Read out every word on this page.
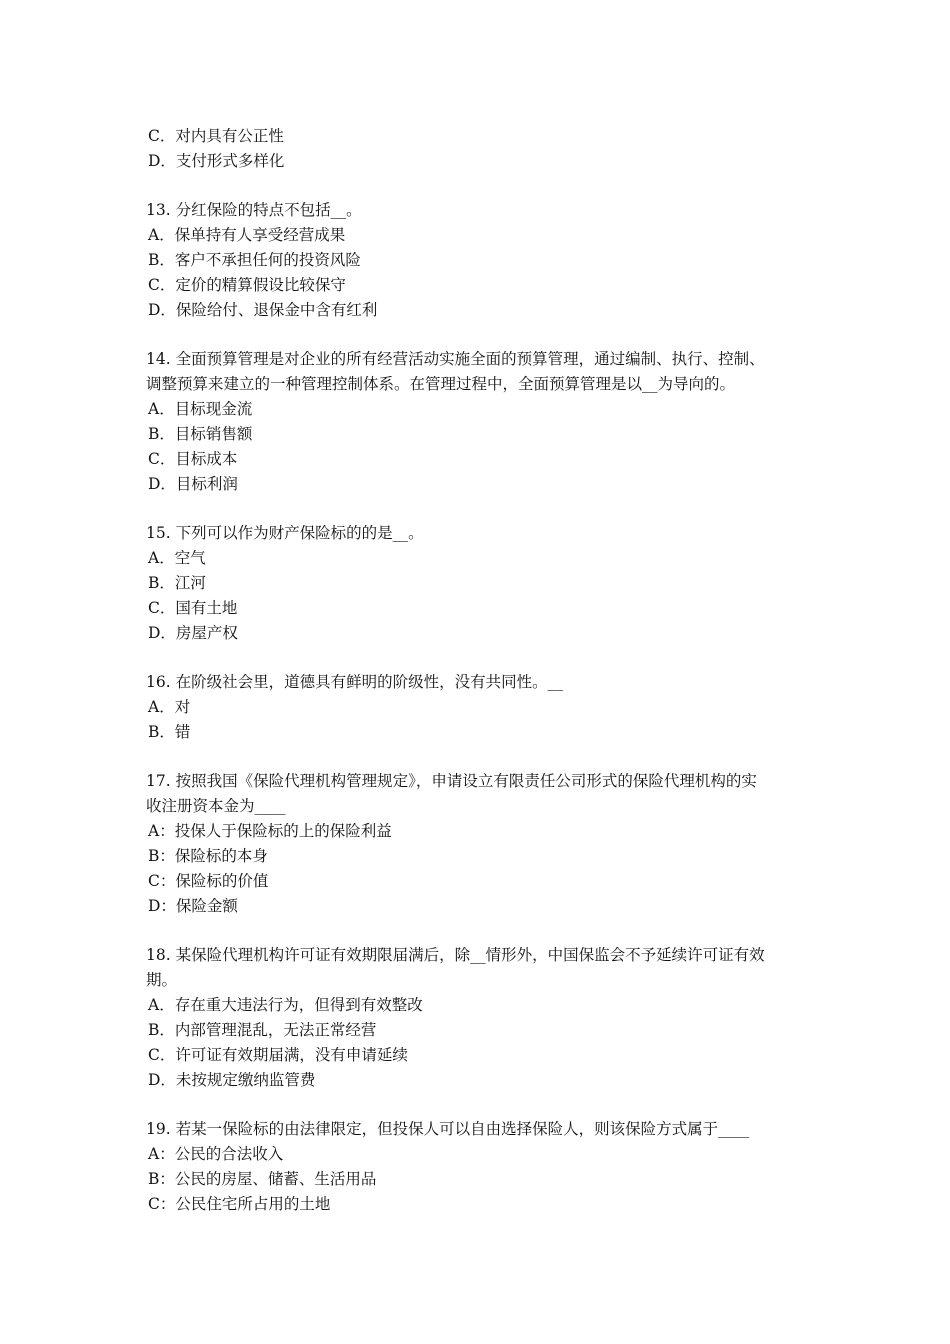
C．对内具有公正性
D．支付形式多样化
13. 分红保险的特点不包括__。
A．保单持有人享受经营成果
B．客户不承担任何的投资风险
C．定价的精算假设比较保守
D．保险给付、退保金中含有红利
14. 全面预算管理是对企业的所有经营活动实施全面的预算管理，通过编制、执行、控制、
调整预算来建立的一种管理控制体系。在管理过程中，全面预算管理是以__为导向的。
A．目标现金流
B．目标销售额
C．目标成本
D．目标利润
15. 下列可以作为财产保险标的的是__。
A．空气
B．江河
C．国有土地
D．房屋产权
16. 在阶级社会里，道德具有鲜明的阶级性，没有共同性。__
A．对
B．错
17. 按照我国《保险代理机构管理规定》，申请设立有限责任公司形式的保险代理机构的实
收注册资本金为____
A：投保人于保险标的上的保险利益
B：保险标的本身
C：保险标的价值
D：保险金额
18. 某保险代理机构许可证有效期限届满后，除__情形外，中国保监会不予延续许可证有效
期。
A．存在重大违法行为，但得到有效整改
B．内部管理混乱，无法正常经营
C．许可证有效期届满，没有申请延续
D．未按规定缴纳监管费
19. 若某一保险标的由法律限定，但投保人可以自由选择保险人，则该保险方式属于____
A：公民的合法收入
B：公民的房屋、储蓄、生活用品
C：公民住宅所占用的土地
